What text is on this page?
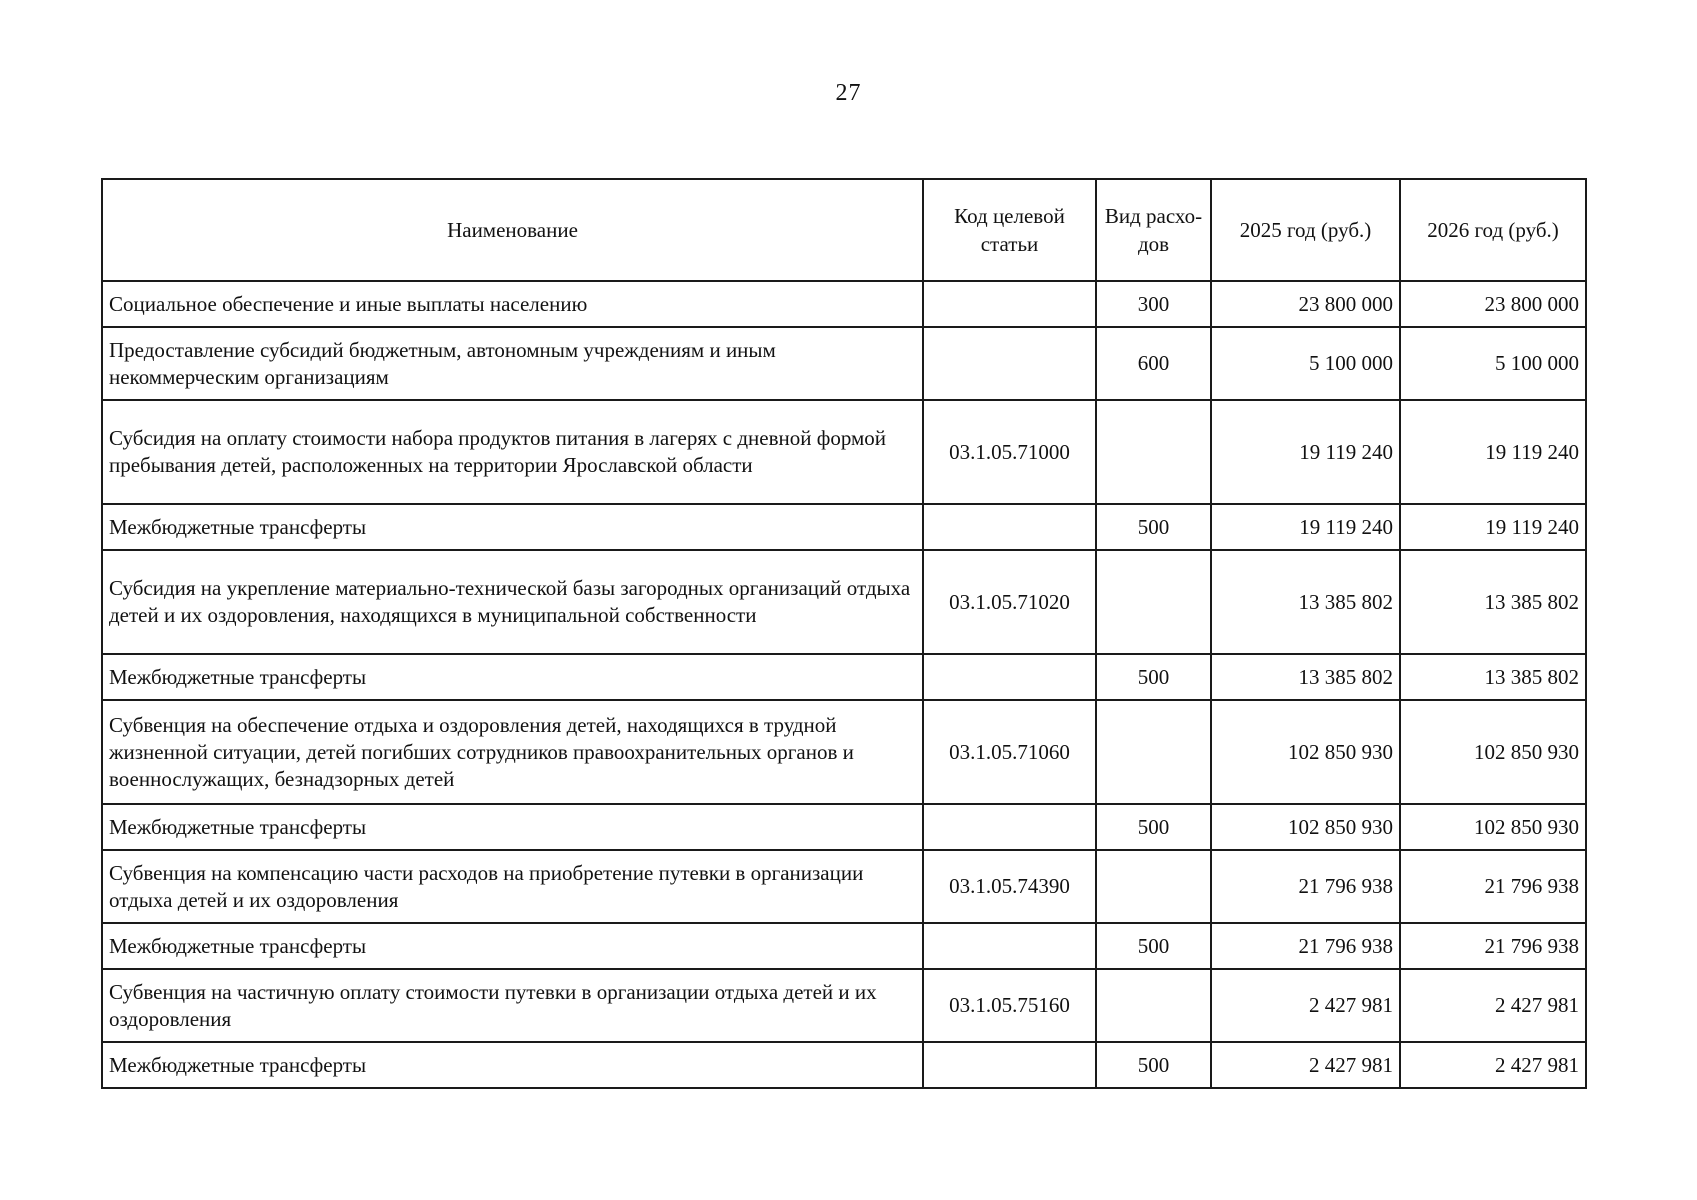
27
Наименование	Код целевой статьи	Вид расхо-дов	2025 год (руб.)	2026 год (руб.)
Социальное обеспечение и иные выплаты населению		300	23 800 000	23 800 000
Предоставление субсидий бюджетным, автономным учреждениям и иным некоммерческим организациям		600	5 100 000	5 100 000
Субсидия на оплату стоимости набора продуктов питания в лагерях с дневной формой пребывания детей, расположенных на территории Ярославской области	03.1.05.71000		19 119 240	19 119 240
Межбюджетные трансферты		500	19 119 240	19 119 240
Субсидия на укрепление материально-технической базы загородных организаций отдыха детей и их оздоровления, находящихся в муниципальной собственности	03.1.05.71020		13 385 802	13 385 802
Межбюджетные трансферты		500	13 385 802	13 385 802
Субвенция на обеспечение отдыха и оздоровления детей, находящихся в трудной жизненной ситуации, детей погибших сотрудников правоохранительных органов и военнослужащих, безнадзорных детей	03.1.05.71060		102 850 930	102 850 930
Межбюджетные трансферты		500	102 850 930	102 850 930
Субвенция на компенсацию части расходов на приобретение путевки в организации отдыха детей и их оздоровления	03.1.05.74390		21 796 938	21 796 938
Межбюджетные трансферты		500	21 796 938	21 796 938
Субвенция на частичную оплату стоимости путевки в организации отдыха детей и их оздоровления	03.1.05.75160		2 427 981	2 427 981
Межбюджетные трансферты		500	2 427 981	2 427 981
